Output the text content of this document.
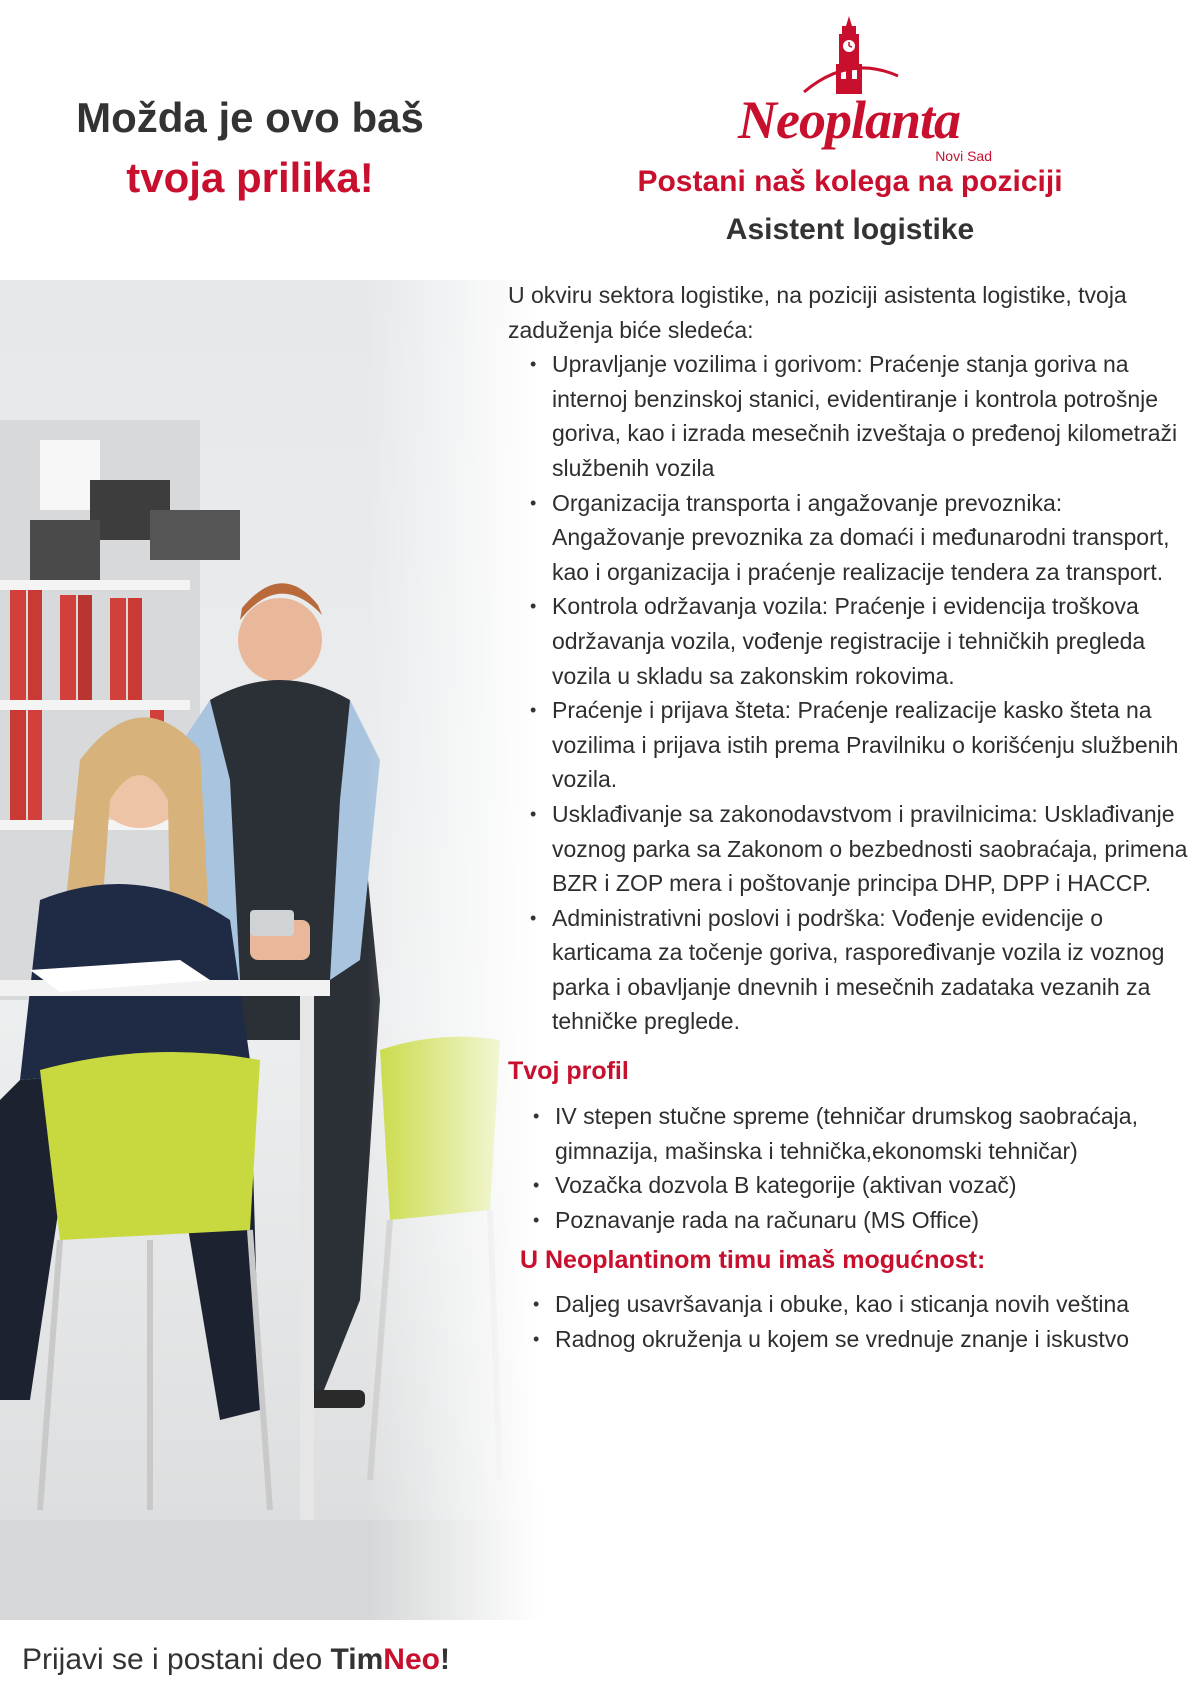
Možda je ovo baš
tvoja prilika!
Neoplanta
Novi Sad
Postani naš kolega na poziciji
Asistent logistike

U okviru sektora logistike, na poziciji asistenta logistike, tvoja zaduženja biće sledeća:

• Upravljanje vozilima i gorivom: Praćenje stanja goriva na internoj benzinskoj stanici, evidentiranje i kontrola potrošnje goriva, kao i izrada mesečnih izveštaja o pređenoj kilometraži službenih vozila
• Organizacija transporta i angažovanje prevoznika: Angažovanje prevoznika za domaći i međunarodni transport, kao i organizacija i praćenje realizacije tendera za transport.
• Kontrola održavanja vozila: Praćenje i evidencija troškova održavanja vozila, vođenje registracije i tehničkih pregleda vozila u skladu sa zakonskim rokovima.
• Praćenje i prijava šteta: Praćenje realizacije kasko šteta na vozilima i prijava istih prema Pravilniku o korišćenju službenih vozila.
• Usklađivanje sa zakonodavstvom i pravilnicima: Usklađivanje voznog parka sa Zakonom o bezbednosti saobraćaja, primena BZR i ZOP mera i poštovanje principa DHP, DPP i HACCP.
• Administrativni poslovi i podrška: Vođenje evidencije o karticama za točenje goriva, raspoređivanje vozila iz voznog parka i obavljanje dnevnih i mesečnih zadataka vezanih za tehničke preglede.
Tvoj profil
• IV stepen stučne spreme (tehničar drumskog saobraćaja, gimnazija, mašinska i tehnička,ekonomski tehničar)
• Vozačka dozvola B kategorije (aktivan vozač)
• Poznavanje rada na računaru (MS Office)
U Neoplantinom timu imaš mogućnost:
• Daljeg usavršavanja i obuke, kao i sticanja novih veština
• Radnog okruženja u kojem se vrednuje znanje i iskustvo
Prijavi se i postani deo TimNeo!
